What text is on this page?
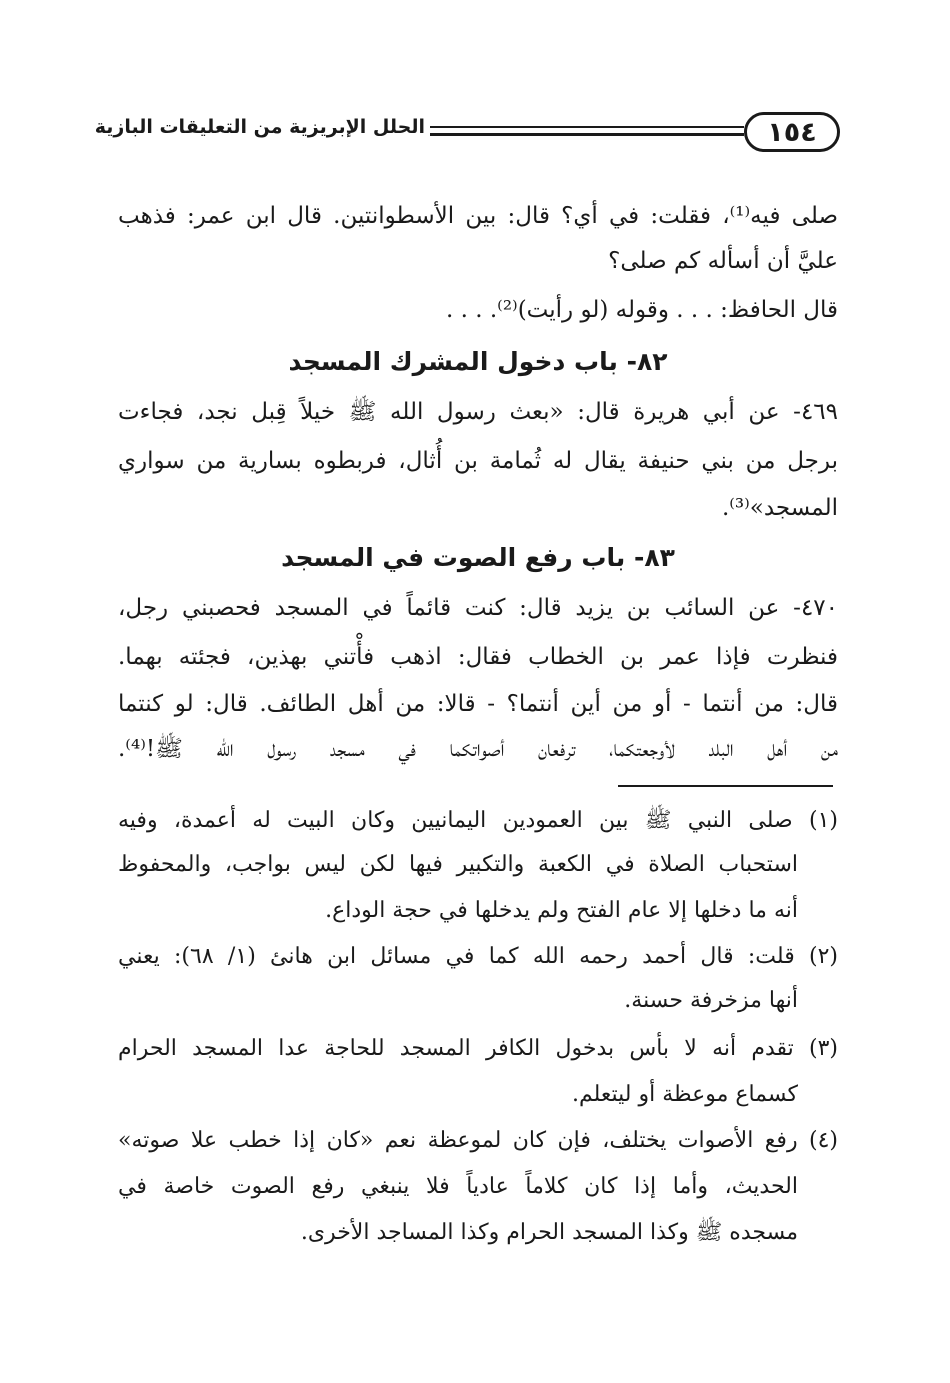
١٥٤
الحلل الإبريزية من التعليقات البازية
صلى فيه⁽¹⁾، فقلت: في أي؟ قال: بين الأسطوانتين. قال ابن عمر: فذهب
عليَّ أن أسأله كم صلى؟
قال الحافظ: . . . وقوله (لو رأيت)⁽²⁾. . . .
٨٢- باب دخول المشرك المسجد
٤٦٩- عن أبي هريرة قال: «بعث رسول الله ﷺ خيلاً قِبل نجد، فجاءت
برجل من بني حنيفة يقال له ثُمامة بن أُثال، فربطوه بسارية من سواري
المسجد»⁽³⁾.
٨٣- باب رفع الصوت في المسجد
٤٧٠- عن السائب بن يزيد قال: كنت قائماً في المسجد فحصبني رجل،
فنظرت فإذا عمر بن الخطاب فقال: اذهب فأْتني بهذين، فجئته بهما.
قال: من أنتما - أو من أين أنتما؟ - قالا: من أهل الطائف. قال: لو كنتما
من أهل البلد لأوجعتكما، ترفعان أصواتكما في مسجد رسول الله ﷺ!⁽⁴⁾.
(١) صلى النبي ﷺ بين العمودين اليمانيين وكان البيت له أعمدة، وفيه
استحباب الصلاة في الكعبة والتكبير فيها لكن ليس بواجب، والمحفوظ
أنه ما دخلها إلا عام الفتح ولم يدخلها في حجة الوداع.
(٢) قلت: قال أحمد رحمه الله كما في مسائل ابن هانئ (١/ ٦٨): يعني
أنها مزخرفة حسنة.
(٣) تقدم أنه لا بأس بدخول الكافر المسجد للحاجة عدا المسجد الحرام
كسماع موعظة أو ليتعلم.
(٤) رفع الأصوات يختلف، فإن كان لموعظة نعم «كان إذا خطب علا صوته»
الحديث، وأما إذا كان كلاماً عادياً فلا ينبغي رفع الصوت خاصة في
مسجده ﷺ وكذا المسجد الحرام وكذا المساجد الأخرى.
